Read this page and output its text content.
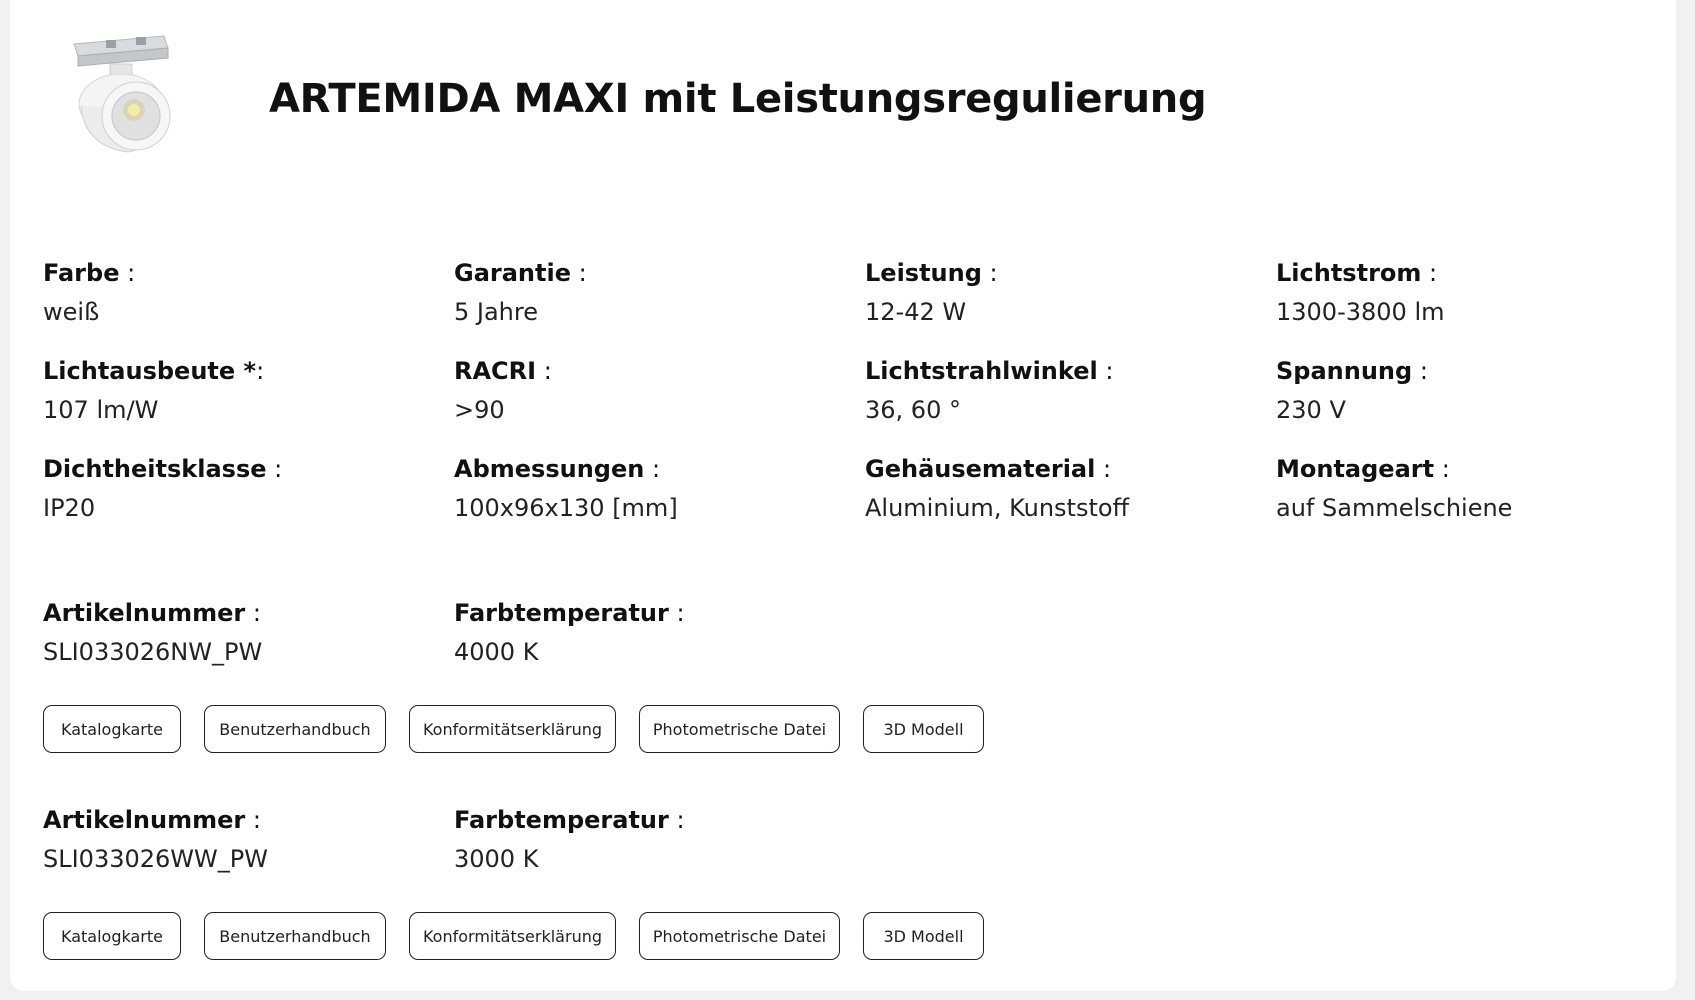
ARTEMIDA MAXI mit Leistungsregulierung
Farbe :
weiß
Garantie :
5 Jahre
Leistung :
12-42 W
Lichtstrom :
1300-3800 lm
Lichtausbeute *:
107 lm/W
RACRI :
>90
Lichtstrahlwinkel :
36, 60 °
Spannung :
230 V
Dichtheitsklasse :
IP20
Abmessungen :
100x96x130 [mm]
Gehäusematerial :
Aluminium, Kunststoff
Montageart :
auf Sammelschiene
Artikelnummer :
SLI033026NW_PW
Farbtemperatur :
4000 K
Katalogkarte	Benutzerhandbuch	Konformitätserklärung	Photometrische Datei	3D Modell
Artikelnummer :
SLI033026WW_PW
Farbtemperatur :
3000 K
Katalogkarte	Benutzerhandbuch	Konformitätserklärung	Photometrische Datei	3D Modell
